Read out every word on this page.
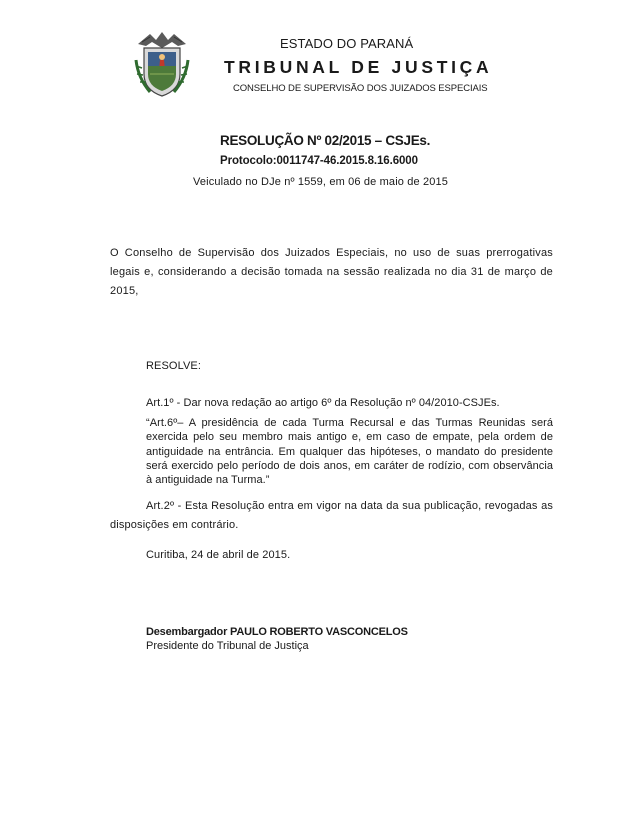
ESTADO DO PARANÁ
TRIBUNAL DE JUSTIÇA
CONSELHO DE SUPERVISÃO DOS JUIZADOS ESPECIAIS
RESOLUÇÃO Nº 02/2015 – CSJEs.
Protocolo:0011747-46.2015.8.16.6000
Veiculado no DJe nº 1559, em 06 de maio de 2015
O Conselho de Supervisão dos Juizados Especiais, no uso de suas prerrogativas legais e, considerando a decisão tomada na sessão realizada no dia 31 de março de 2015,
RESOLVE:
Art.1º - Dar nova redação ao artigo 6º da Resolução nº 04/2010-CSJEs.
“Art.6º– A presidência de cada Turma Recursal e das Turmas Reunidas será exercida pelo seu membro mais antigo e, em caso de empate, pela ordem de antiguidade na entrância. Em qualquer das hipóteses, o mandato do presidente será exercido pelo período de dois anos, em caráter de rodízio, com observância à antiguidade na Turma.”
Art.2º - Esta Resolução entra em vigor na data da sua publicação, revogadas as disposições em contrário.
Curitiba, 24 de abril de 2015.
Desembargador PAULO ROBERTO VASCONCELOS
Presidente do Tribunal de Justiça
